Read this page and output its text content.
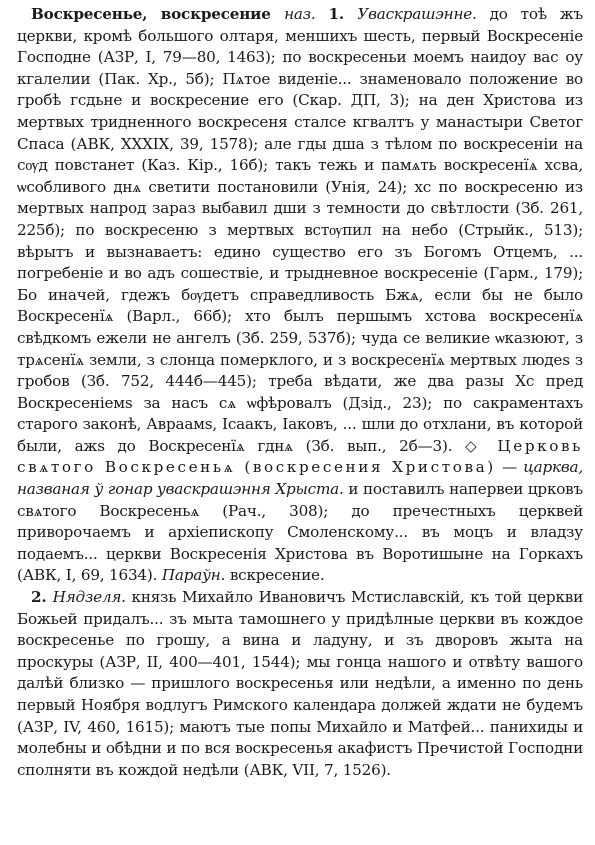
Воскресенье, воскресение наз. 1. Уваскрашэнне. до тоѣ жъ церкви, кромѣ большого олтаря, меншихъ шесть, первый Воскресеніе Господне (АЗР, І, 79—80, 1463); по воскресеньи моемъ наидоу вас оу кгалелии (Пак. Хр., 5б); Пѧтое виденіе... знаменовало положение во гробѣ гсдьне и воскресение его (Скар. ДП, 3); на ден Христова из мертвых тридненного воскресеня сталсе кгвалтъ у манастыри Светог Спаса (АВК, XXXIX, 39, 1578); але гды дша з тѣлом по воскресеніи на сѹд повстанет (Каз. Кір., 16б); такъ тежь и памѧть воскресенїѧ хсва, ѡсобливого днѧ светити постановили (Унія, 24); хс по воскресеню из мертвых напрод зараз выбавил дши з темности до свѣтлости (Зб. 261, 225б); по воскресеню з мертвых встѹпил на небо (Стрыйк., 513); вѣрытъ и вызнаваетъ: едино существо его зъ Богомъ Отцемъ, ... погребеніе и во адъ сошествіе, и трыдневное воскресеніе (Гарм., 179); Бо иначей, гдежъ бѹдетъ справедливость Бжѧ, если бы не было Воскресенїѧ (Варл., 66б); хто былъ першымъ хстова воскресенїѧ свѣдкомъ ежели не ангелъ (Зб. 259, 537б); чуда се великие ѡказюют, з трѧсенїѧ земли, з слонца померклого, и з воскресенїѧ мертвых людеѕ з гробов (Зб. 752, 444б—445); треба вѣдати, же два разы Хс пред Воскресеніемѕ за насъ сѧ ѡфѣровалъ (Дзід., 23); по сакраментахъ старого законѣ, Авраамѕ, Ісаакъ, Іаковъ, ... шли до отхлани, въ которой были, ажѕ до Воскресенїѧ гднѧ (Зб. вып., 2б—3). ◇ Церковь свѧтого Воскресеньѧ (воскресения Христова) — царква, названая ў гонар уваскрашэння Хрыста. и поставилъ напервеи црковъ свѧтого Воскресеньѧ (Рач., 308); до пречестныхъ церквей приворочаемъ и архіепископу Смоленскому... въ моцъ и владзу подаемъ... церкви Воскресенія Христова въ Воротишыне на Горкахъ (АВК, І, 69, 1634). Параўн. вскресение.

2. Нядзеля. князь Михайло Ивановичъ Мстиславскій, къ той церкви Божьей придалъ... зъ мыта тамошнего у придѣлные церкви въ кождое воскресенье по грошу, а вина и ладуну, и зъ дворовъ жыта на проскуры (АЗР, ІІ, 400—401, 1544); мы гонца нашого и отвѣту вашого далѣй близко — пришлого воскресенья или недѣли, а именно по день первый Ноября водлугъ Римского календара должей ждати не будемъ (АЗР, IV, 460, 1615); маютъ тые попы Михайло и Матфей... панихиды и молебны и обѣдни и по вся воскресенья акафистъ Пречистой Господни сполняти въ кождой недѣли (АВК, VII, 7, 1526).
